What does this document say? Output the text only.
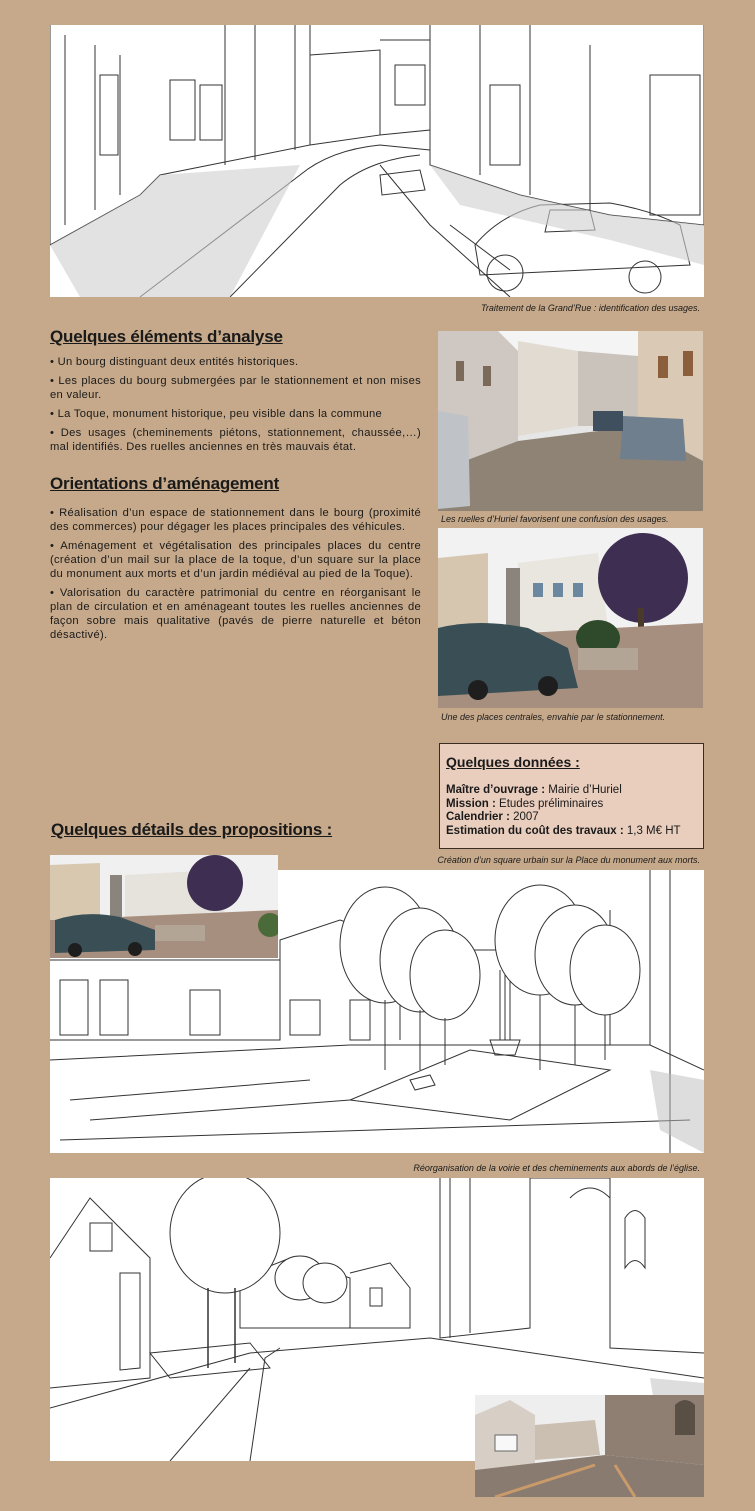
Traitement de la Grand’Rue : identification des usages.
Quelques éléments d’analyse

• Un bourg distinguant deux entités historiques.

• Les places du bourg submergées par le stationnement et non mises en valeur.

• La Toque, monument historique, peu visible dans la commune

• Des usages (cheminements piétons, stationnement, chaussée,…) mal identifiés. Des ruelles anciennes en très mauvais état.

Orientations d’aménagement

• Réalisation d’un espace de stationnement dans le bourg (proximité des commerces) pour dégager les places principales des véhicules.

• Aménagement et végétalisation des principales places du centre (création d’un mail sur la place de la toque, d’un square sur la place du monument aux morts et d’un jardin médiéval au pied de la Toque).

• Valorisation du caractère patrimonial du centre en réorganisant le plan de circulation et en aménageant toutes les ruelles anciennes de façon sobre mais qualitative (pavés de pierre naturelle et béton désactivé).

Les ruelles d’Huriel favorisent une confusion des usages.
Une des places centrales, envahie par le stationnement.
Quelques données :
Maître d’ouvrage : Mairie d’Huriel
Mission : Etudes préliminaires
Calendrier : 2007
Estimation du coût des travaux : 1,3 M€ HT
Quelques détails des propositions :
Création d’un square urbain sur la Place du monument aux morts.
Réorganisation de la voirie et des cheminements aux abords de l’église.
